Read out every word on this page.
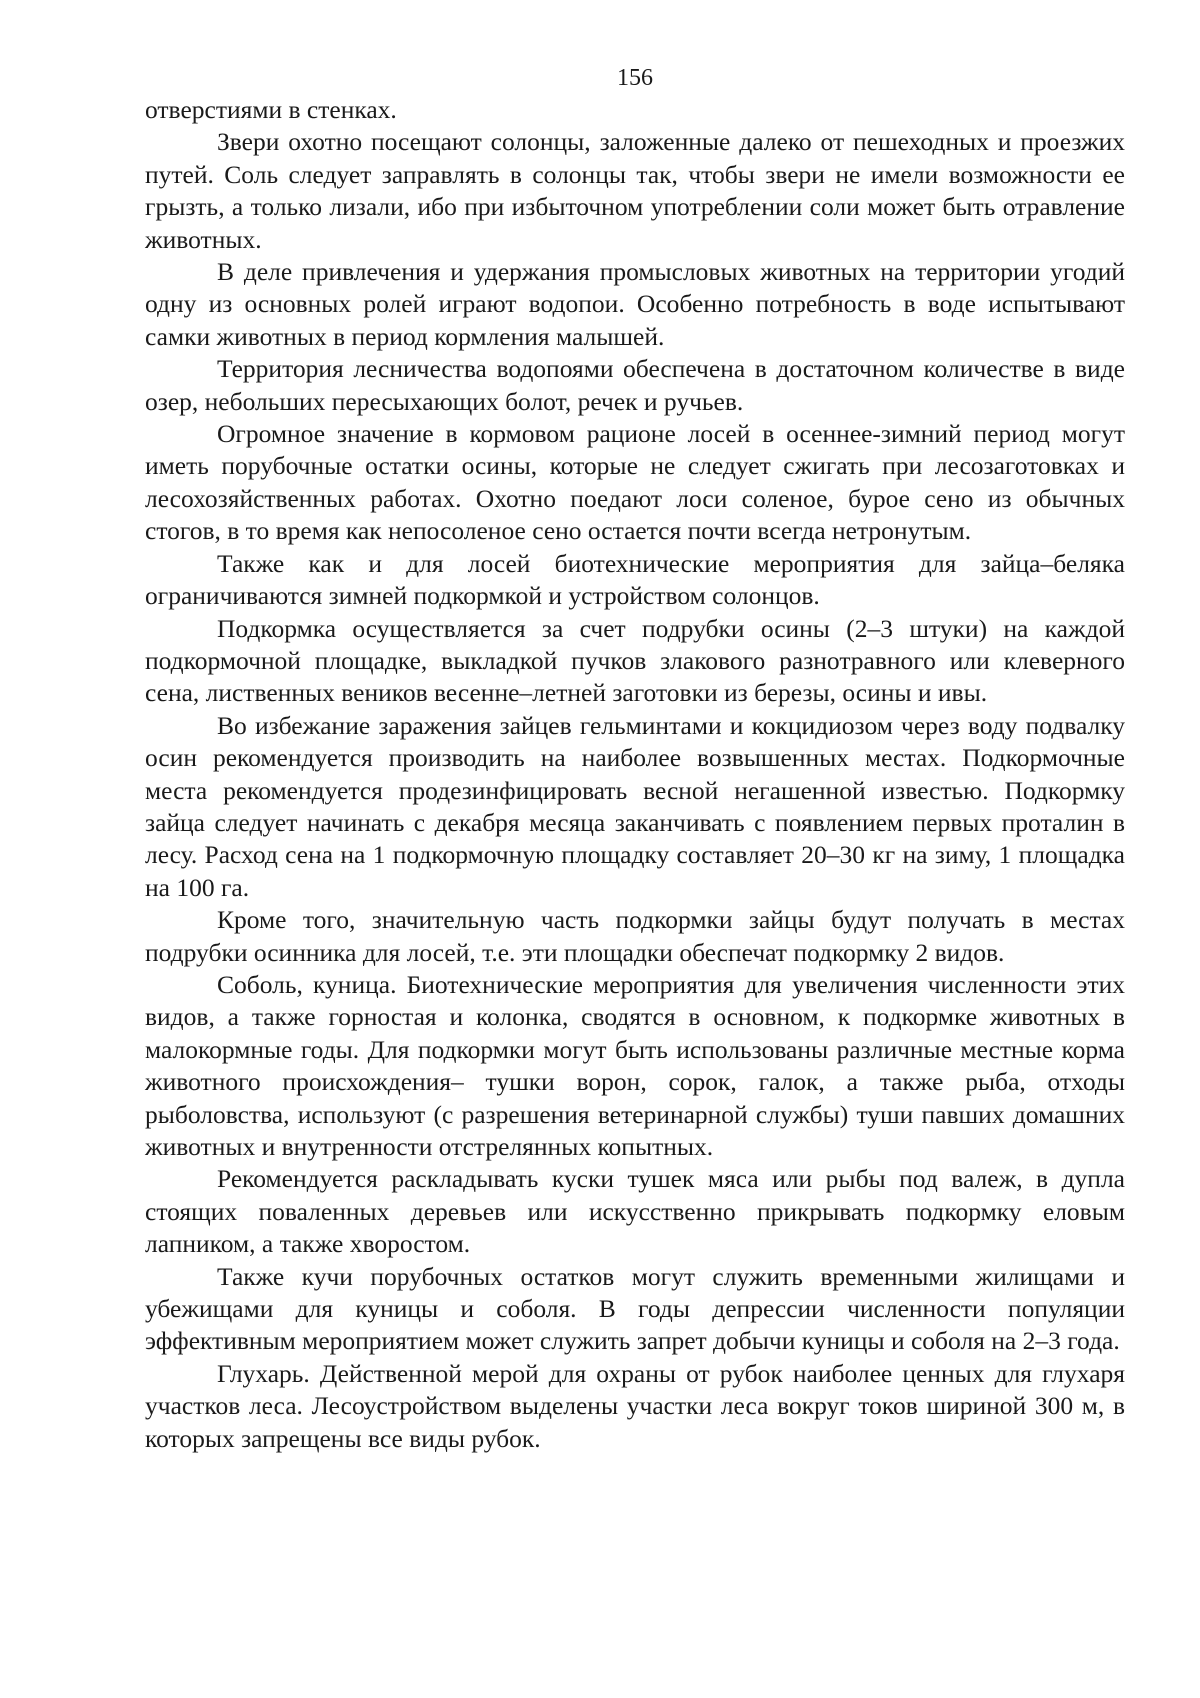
156

отверстиями в стенках.

Звери охотно посещают солонцы, заложенные далеко от пешеходных и проезжих путей. Соль следует заправлять в солонцы так, чтобы звери не имели возможности ее грызть, а только лизали, ибо при избыточном употреблении соли может быть отравление животных.

В деле привлечения и удержания промысловых животных на территории угодий одну из основных ролей играют водопои. Особенно потребность в воде испытывают самки животных в период кормления малышей.

Территория лесничества водопоями обеспечена в достаточном количестве в виде озер, небольших пересыхающих болот, речек и ручьев.

Огромное значение в кормовом рационе лосей в осеннее-зимний период могут иметь порубочные остатки осины, которые не следует сжигать при лесозаготовках и лесохозяйственных работах. Охотно поедают лоси соленое, бурое сено из обычных стогов, в то время как непосоленое сено остается почти всегда нетронутым.

Также как и для лосей биотехнические мероприятия для зайца–беляка ограничиваются зимней подкормкой и устройством солонцов.

Подкормка осуществляется за счет подрубки осины (2–3 штуки) на каждой подкормочной площадке, выкладкой пучков злакового разнотравного или клеверного сена, лиственных веников весенне–летней заготовки из березы, осины и ивы.

Во избежание заражения зайцев гельминтами и кокцидиозом через воду подвалку осин рекомендуется производить на наиболее возвышенных местах. Подкормочные места рекомендуется продезинфицировать весной негашенной известью. Подкормку зайца следует начинать с декабря месяца заканчивать с появлением первых проталин в лесу. Расход сена на 1 подкормочную площадку составляет 20–30 кг на зиму, 1 площадка на 100 га.

Кроме того, значительную часть подкормки зайцы будут получать в местах подрубки осинника для лосей, т.е. эти площадки обеспечат подкормку 2 видов.

Соболь, куница. Биотехнические мероприятия для увеличения численности этих видов, а также горностая и колонка, сводятся в основном, к подкормке животных в малокормные годы. Для подкормки могут быть использованы различные местные корма животного происхождения– тушки ворон, сорок, галок, а также рыба, отходы рыболовства, используют (с разрешения ветеринарной службы) туши павших домашних животных и внутренности отстрелянных копытных.

Рекомендуется раскладывать куски тушек мяса или рыбы под валеж, в дупла стоящих поваленных деревьев или искусственно прикрывать подкормку еловым лапником, а также хворостом.

Также кучи порубочных остатков могут служить временными жилищами и убежищами для куницы и соболя. В годы депрессии численности популяции эффективным мероприятием может служить запрет добычи куницы и соболя на 2–3 года.

Глухарь. Действенной мерой для охраны от рубок наиболее ценных для глухаря участков леса. Лесоустройством выделены участки леса вокруг токов шириной 300 м, в которых запрещены все виды рубок.
